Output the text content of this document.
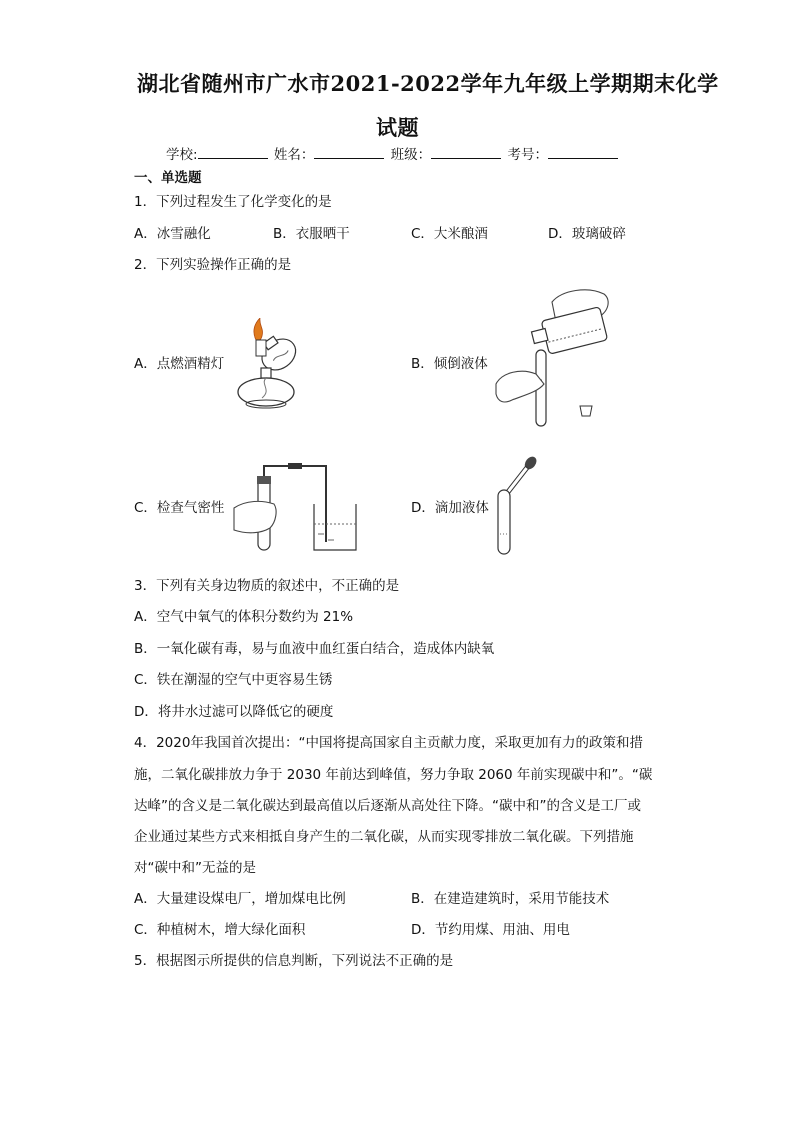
湖北省随州市广水市2021-2022学年九年级上学期期末化学
试题
学校:	姓名：	班级：	考号：
一、单选题
1．下列过程发生了化学变化的是
A．冰雪融化	B．衣服晒干	C．大米酿酒	D．玻璃破碎
2．下列实验操作正确的是
A．点燃酒精灯	B．倾倒液体
C．检查气密性	D．滴加液体
3．下列有关身边物质的叙述中，不正确的是
A．空气中氧气的体积分数约为 21%
B．一氧化碳有毒，易与血液中血红蛋白结合，造成体内缺氧
C．铁在潮湿的空气中更容易生锈
D．将井水过滤可以降低它的硬度
4．2020年我国首次提出：“中国将提高国家自主贡献力度，采取更加有力的政策和措
施，二氧化碳排放力争于 2030 年前达到峰值，努力争取 2060 年前实现碳中和”。“碳
达峰”的含义是二氧化碳达到最高值以后逐渐从高处往下降。“碳中和”的含义是工厂或
企业通过某些方式来相抵自身产生的二氧化碳，从而实现零排放二氧化碳。下列措施
对“碳中和”无益的是
A．大量建设煤电厂，增加煤电比例	B．在建造建筑时，采用节能技术
C．种植树木，增大绿化面积	D．节约用煤、用油、用电
5．根据图示所提供的信息判断，下列说法不正确的是
